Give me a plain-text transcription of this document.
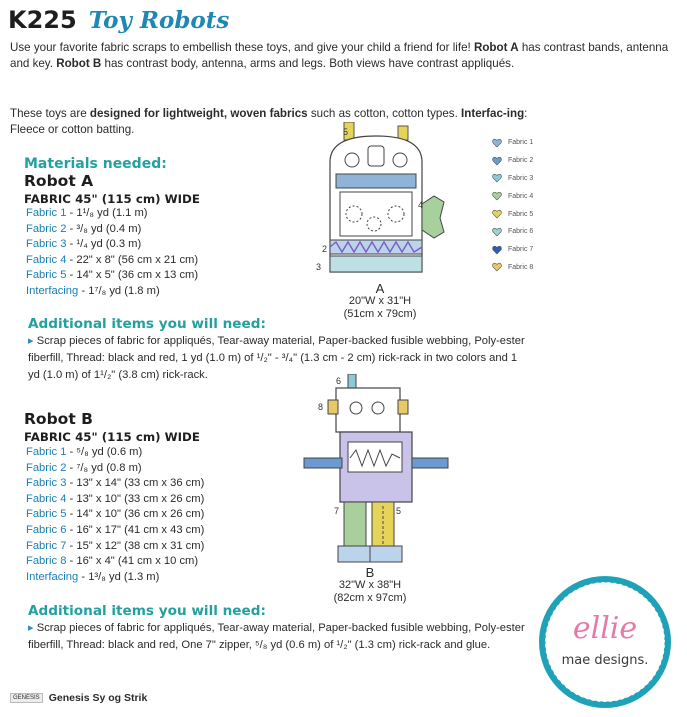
K225 Toy Robots
Use your favorite fabric scraps to embellish these toys, and give your child a friend for life! Robot A has contrast bands, antenna and key. Robot B has contrast body, antenna, arms and legs. Both views have contrast appliqués.
These toys are designed for lightweight, woven fabrics such as cotton, cotton types. Interfac-ing: Fleece or cotton batting.
Materials needed:
Robot A
FABRIC 45" (115 cm) WIDE
Fabric 1 - 1¹/₈ yd (1.1 m)
Fabric 2 - ³/₈ yd (0.4 m)
Fabric 3 - ¹/₄ yd (0.3 m)
Fabric 4 - 22" x 8" (56 cm x 21 cm)
Fabric 5 - 14" x 5" (36 cm x 13 cm)
Interfacing - 1⁷/₈ yd (1.8 m)
Additional items you will need:
▸ Scrap pieces of fabric for appliqués, Tear-away material, Paper-backed fusible webbing, Poly-ester fiberfill, Thread: black and red, 1 yd (1.0 m) of ¹/₂" - ³/₄" (1.3 cm - 2 cm) rick-rack in two colors and 1 yd (1.0 m) of 1¹/₂" (3.8 cm) rick-rack.
Robot B
FABRIC 45" (115 cm) WIDE
Fabric 1 - ⁵/₈ yd (0.6 m)
Fabric 2 - ⁷/₈ yd (0.8 m)
Fabric 3 - 13" x 14" (33 cm x 36 cm)
Fabric 4 - 13" x 10" (33 cm x 26 cm)
Fabric 5 - 14" x 10" (36 cm x 26 cm)
Fabric 6 - 16" x 17" (41 cm x 43 cm)
Fabric 7 - 15" x 12" (38 cm x 31 cm)
Fabric 8 - 16" x 4" (41 cm x 10 cm)
Interfacing - 1³/₈ yd (1.3 m)
Additional items you will need:
▸ Scrap pieces of fabric for appliqués, Tear-away material, Paper-backed fusible webbing, Poly-ester fiberfill, Thread: black and red, One 7" zipper, ⁵/₈ yd (0.6 m) of ¹/₂" (1.3 cm) rick-rack and glue.
Fabric 1
Fabric 2
Fabric 3
Fabric 4
Fabric 5
Fabric 6
Fabric 7
Fabric 8
5
4
2
3
A
20"W x 31"H
(51cm x 79cm)
6
8
7	5
B
32"W x 38"H
(82cm x 97cm)
ellie
mae designs.
GENESIS Genesis Sy og Strik
